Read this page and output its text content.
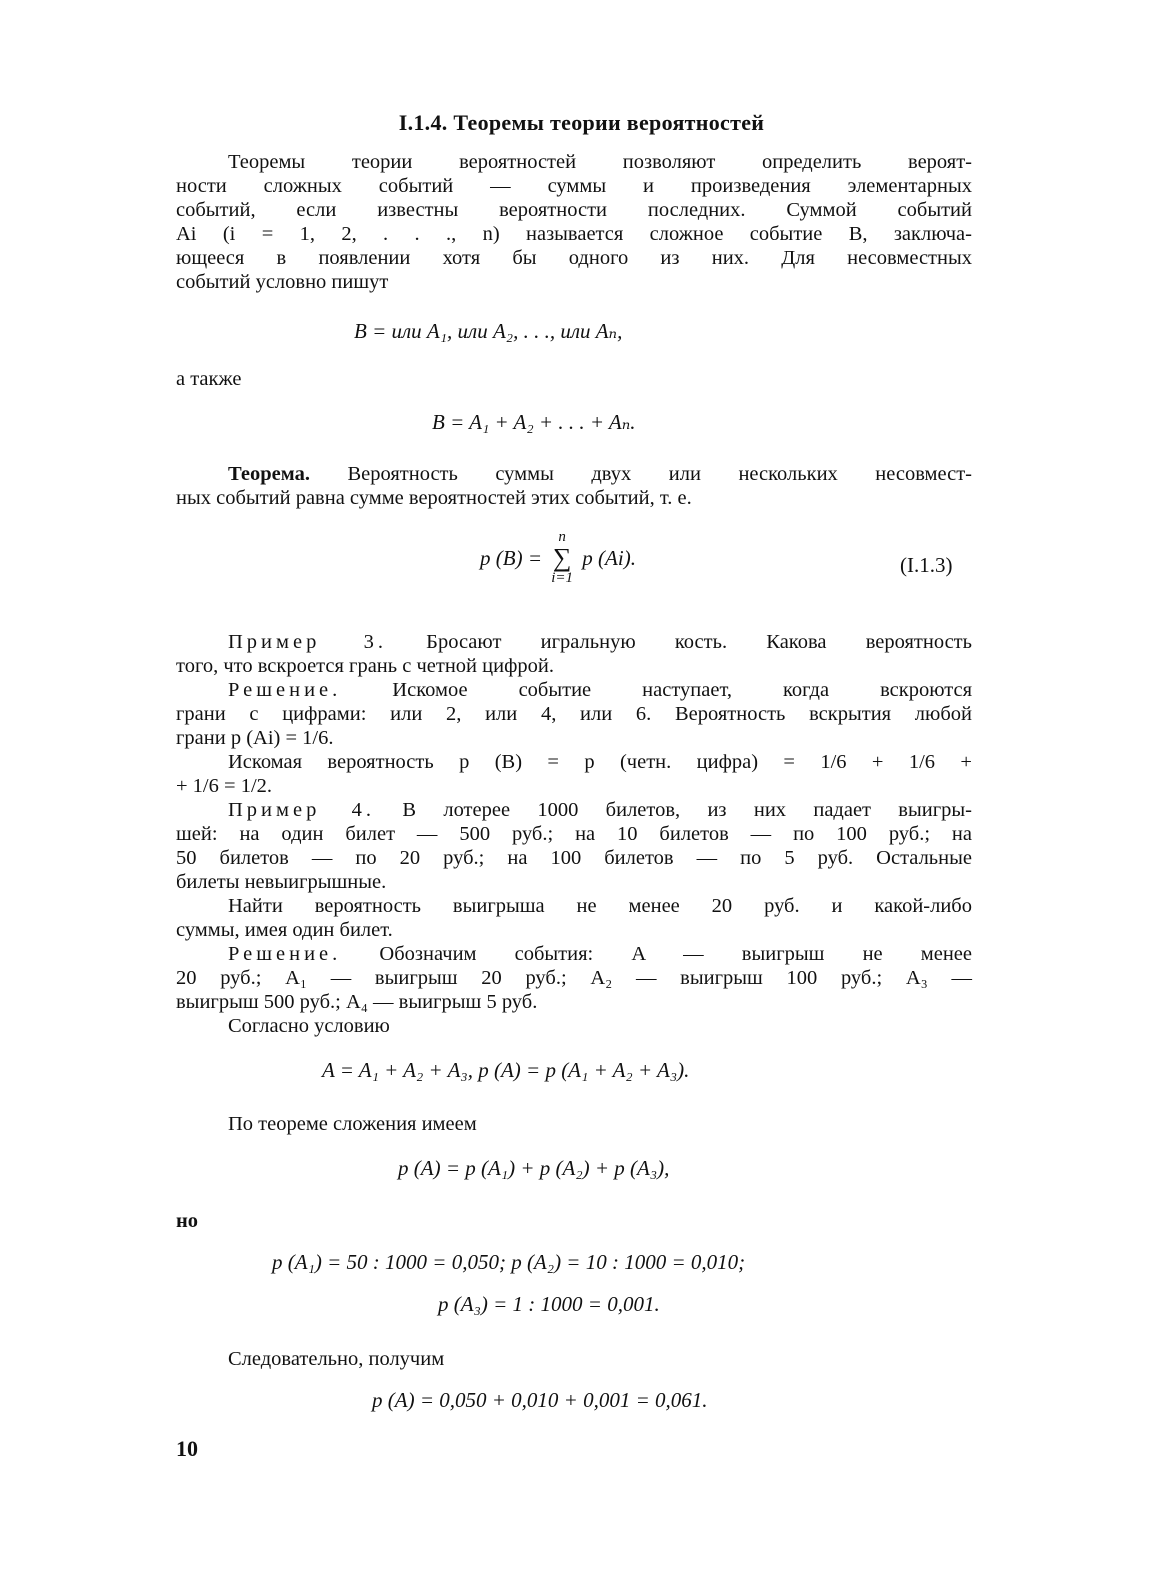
I.1.4. Теоремы теории вероятностей
Теоремы теории вероятностей позволяют определить вероят-
ности сложных событий — суммы и произведения элементарных
событий, если известны вероятности последних. Суммой событий
Ai (i = 1, 2, . . ., n) называется сложное событие B, заключа-
ющееся в появлении хотя бы одного из них. Для несовместных
событий условно пишут
B = или A₁, или A₂, . . ., или Aₙ,
а также
B = A₁ + A₂ + . . . + Aₙ.
Теорема. Вероятность суммы двух или нескольких несовмест-
ных событий равна сумме вероятностей этих событий, т. е.
p (B) =
n
∑
i=1
p (Ai).	(I.1.3)
Пример 3. Бросают игральную кость. Какова вероятность
того, что вскроется грань с четной цифрой.
Решение. Искомое событие наступает, когда вскроются
грани с цифрами: или 2, или 4, или 6. Вероятность вскрытия любой
грани p (Ai) = 1/6.
Искомая вероятность p (B) = p (четн. цифра) = 1/6 + 1/6 +
+ 1/6 = 1/2.
Пример 4. В лотерее 1000 билетов, из них падает выигры-
шей: на один билет — 500 руб.; на 10 билетов — по 100 руб.; на
50 билетов — по 20 руб.; на 100 билетов — по 5 руб. Остальные
билеты невыигрышные.
Найти вероятность выигрыша не менее 20 руб. и какой-либо
суммы, имея один билет.
Решение. Обозначим события: A — выигрыш не менее
20 руб.; A₁ — выигрыш 20 руб.; A₂ — выигрыш 100 руб.; A₃ —
выигрыш 500 руб.; A₄ — выигрыш 5 руб.
Согласно условию
A = A₁ + A₂ + A₃, p (A) = p (A₁ + A₂ + A₃).
По теореме сложения имеем
p (A) = p (A₁) + p (A₂) + p (A₃),
но
p (A₁) = 50 : 1000 = 0,050; p (A₂) = 10 : 1000 = 0,010;
p (A₃) = 1 : 1000 = 0,001.
Следовательно, получим
p (A) = 0,050 + 0,010 + 0,001 = 0,061.
10
